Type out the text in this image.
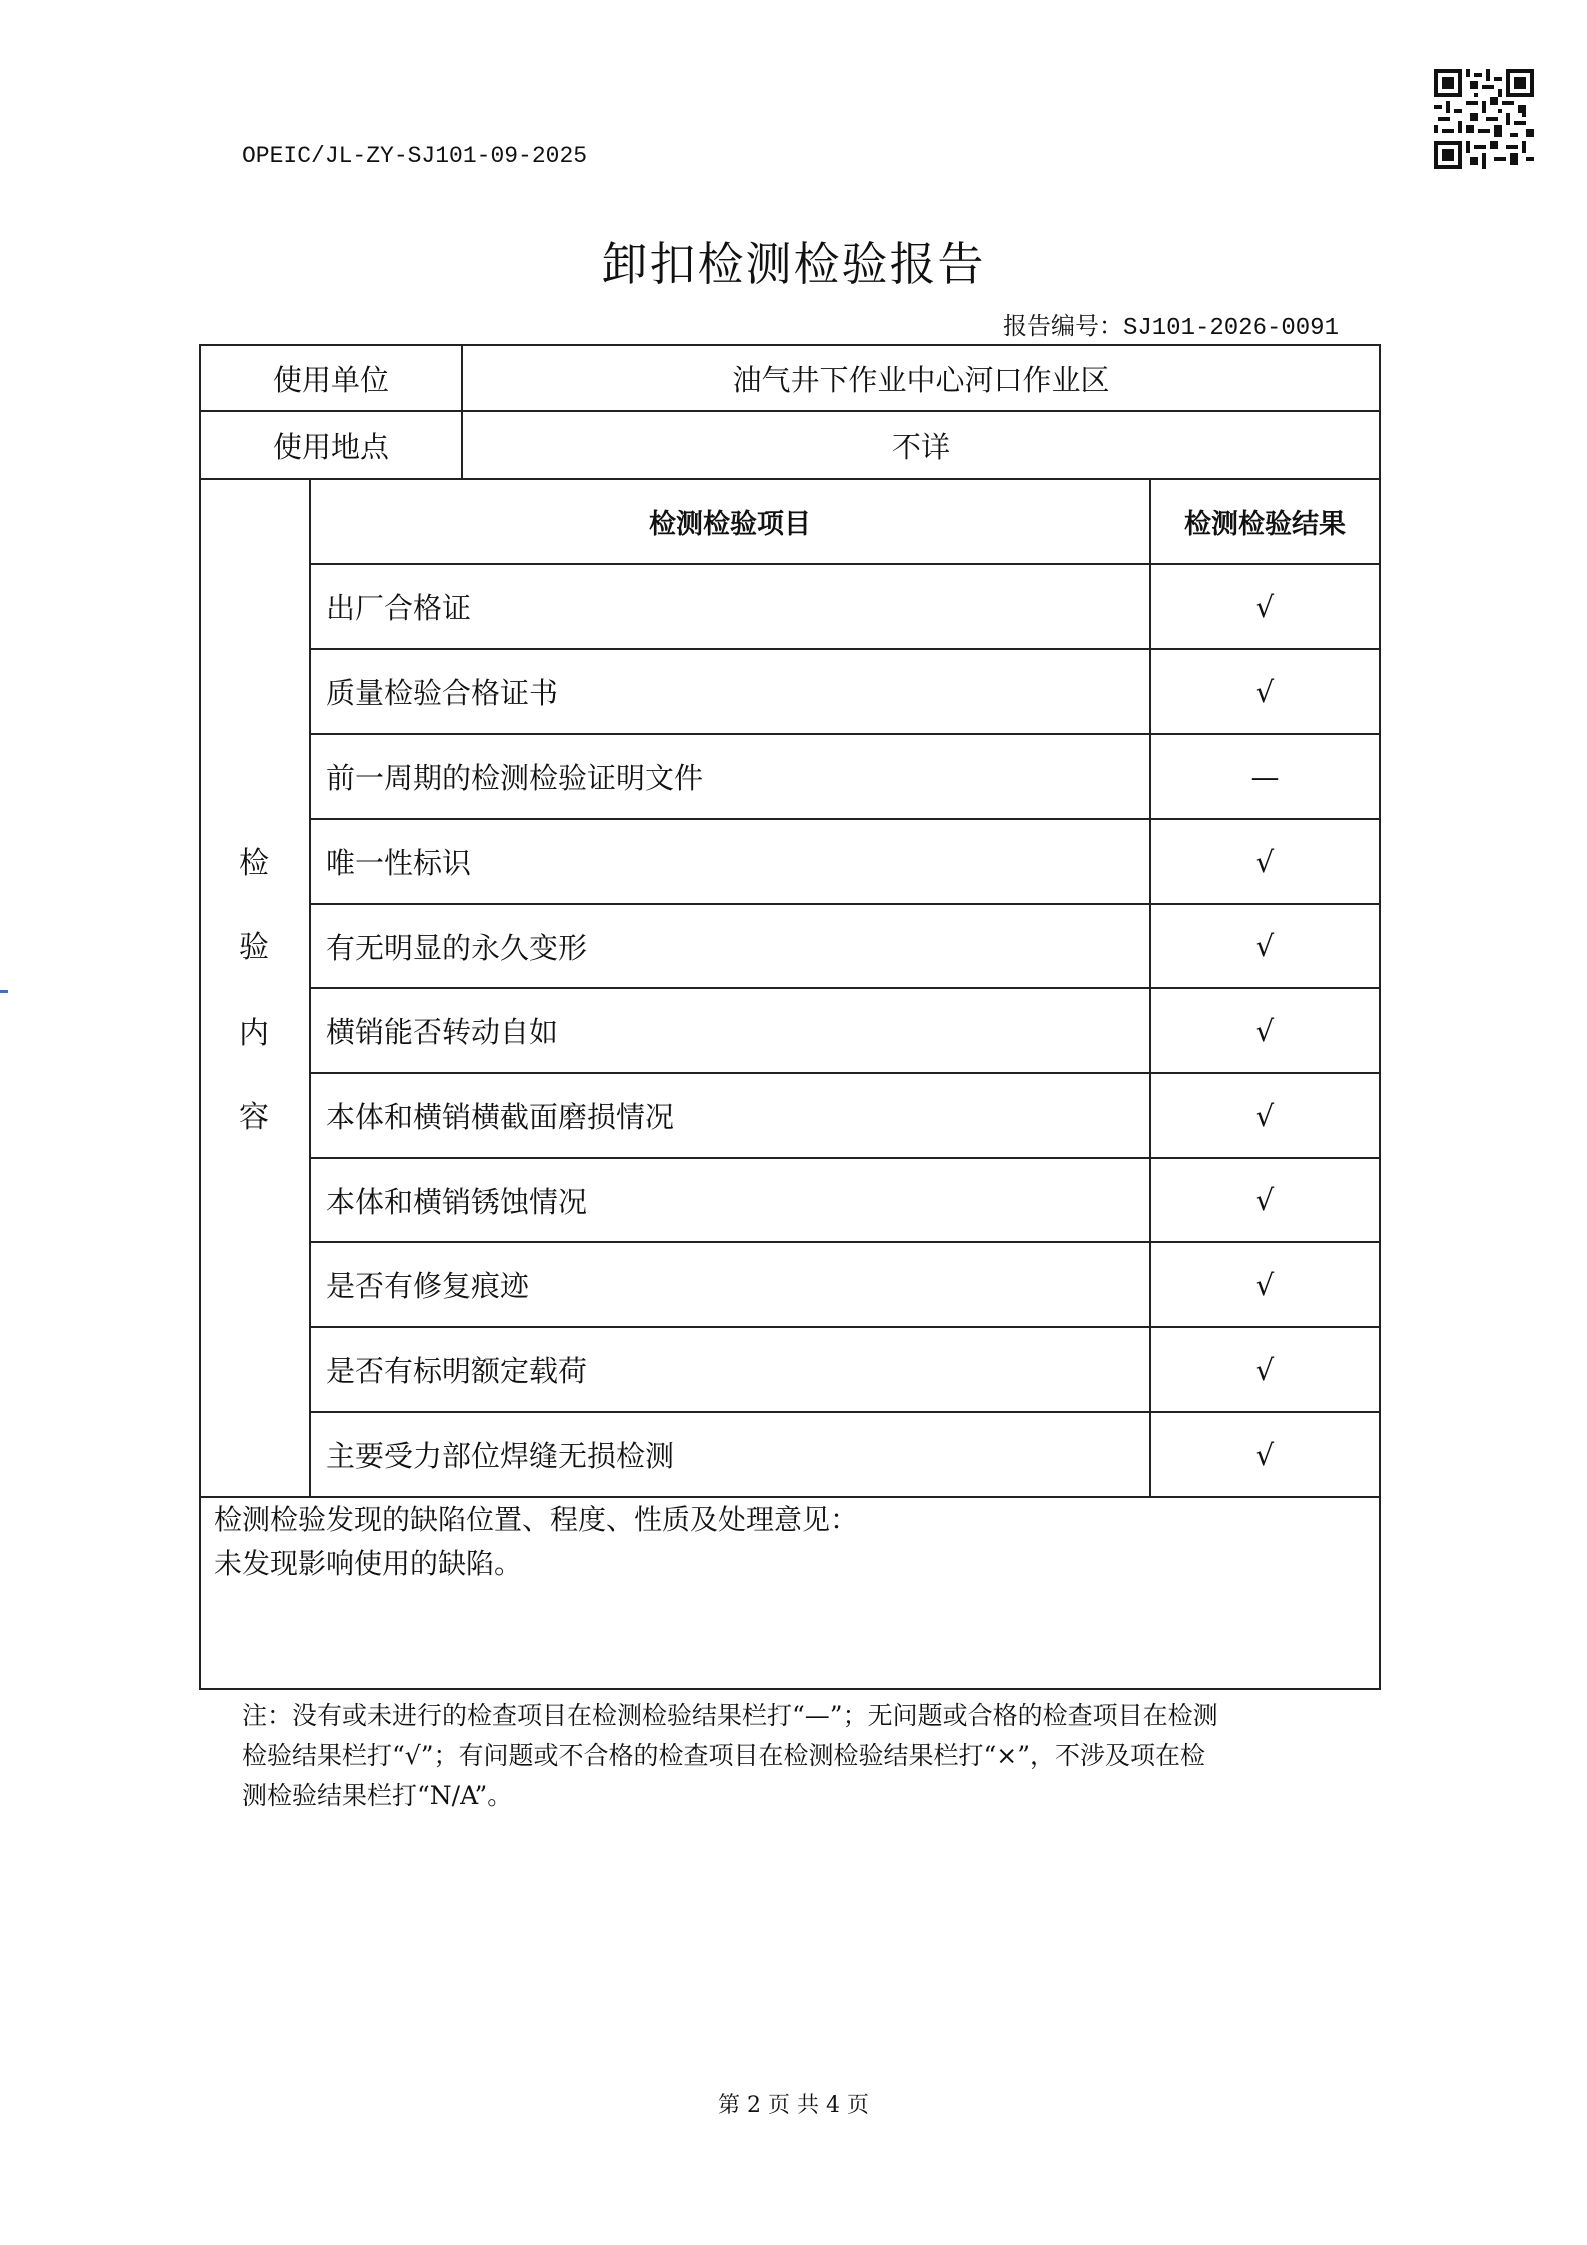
OPEIC/JL-ZY-SJ101-09-2025
卸扣检测检验报告
报告编号：SJ101-2026-0091
使用单位	油气井下作业中心河口作业区
使用地点	不详
检
验
内
容
检测检验项目	检测检验结果
出厂合格证	√
质量检验合格证书	√
前一周期的检测检验证明文件	—
唯一性标识	√
有无明显的永久变形	√
横销能否转动自如	√
本体和横销横截面磨损情况	√
本体和横销锈蚀情况	√
是否有修复痕迹	√
是否有标明额定载荷	√
主要受力部位焊缝无损检测	√
检测检验发现的缺陷位置、程度、性质及处理意见：
未发现影响使用的缺陷。
注：没有或未进行的检查项目在检测检验结果栏打“—”；无问题或合格的检查项目在检测
检验结果栏打“√”；有问题或不合格的检查项目在检测检验结果栏打“×”，不涉及项在检
测检验结果栏打“N/A”。
第 2 页 共 4 页
